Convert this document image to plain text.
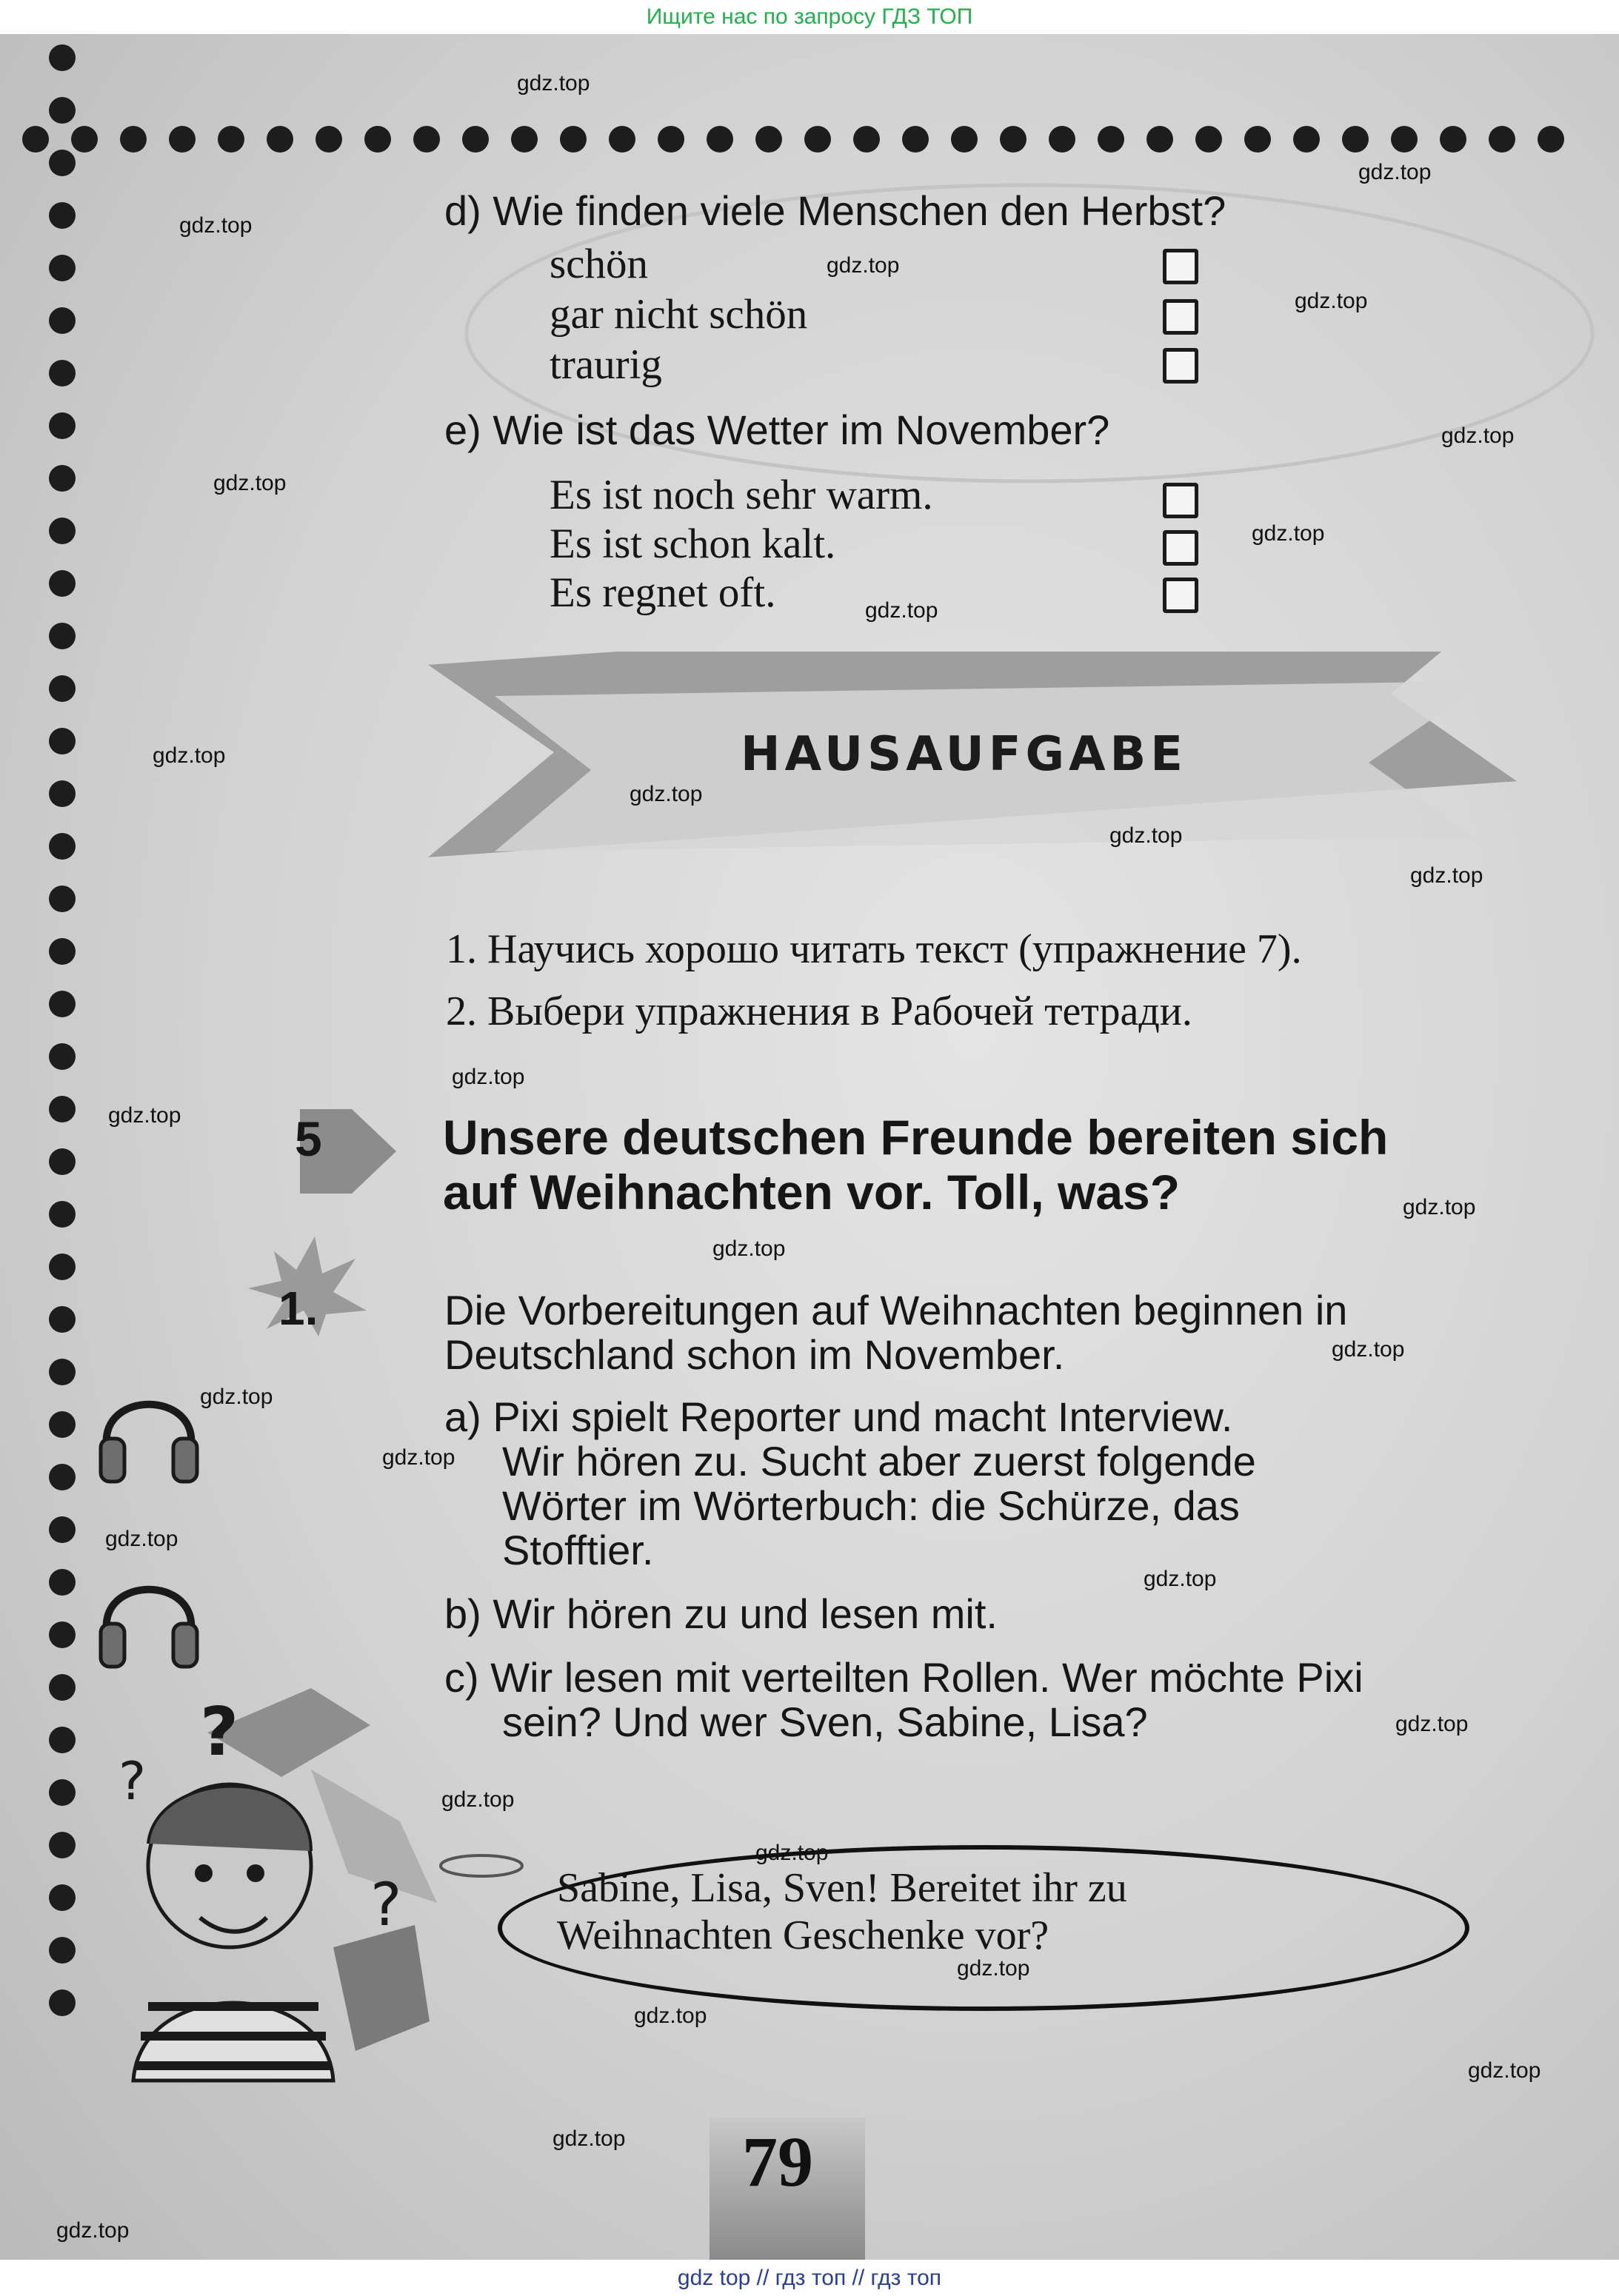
Ищите нас по запросу ГДЗ ТОП
d) Wie finden viele Menschen den Herbst?
schön
gar nicht schön
traurig
e) Wie ist das Wetter im November?
Es ist noch sehr warm.
Es ist schon kalt.
Es regnet oft.
HAUSAUFGABE
1. Научись хорошо читать текст (упражнение 7).
2. Выбери упражнения в Рабочей тетради.
5 Unsere deutschen Freunde bereiten sich
auf Weihnachten vor. Toll, was?
1.	Die Vorbereitungen auf Weihnachten beginnen in
Deutschland schon im November.
a) Pixi spielt Reporter und macht Interview.
Wir hören zu. Sucht aber zuerst folgende
Wörter im Wörterbuch: die Schürze, das
Stofftier.
b) Wir hören zu und lesen mit.
c) Wir lesen mit verteilten Rollen. Wer möchte Pixi
sein? Und wer Sven, Sabine, Lisa?
?
?
?	Sabine, Lisa, Sven! Bereitet ihr zu
Weihnachten Geschenke vor?
79
gdz.top
gdz.top
gdz.top
gdz.top
gdz.top
gdz.top
gdz.top
gdz.top
gdz.top
gdz.top
gdz.top
gdz.top
gdz.top
gdz.top
gdz.top
gdz.top
gdz.top
gdz.top
gdz.top
gdz.top
gdz.top
gdz.top
gdz.top
gdz.top
gdz.top
gdz.top
gdz.top
gdz.top
gdz.top
gdz.top
gdz top // гдз топ // гдз топ
